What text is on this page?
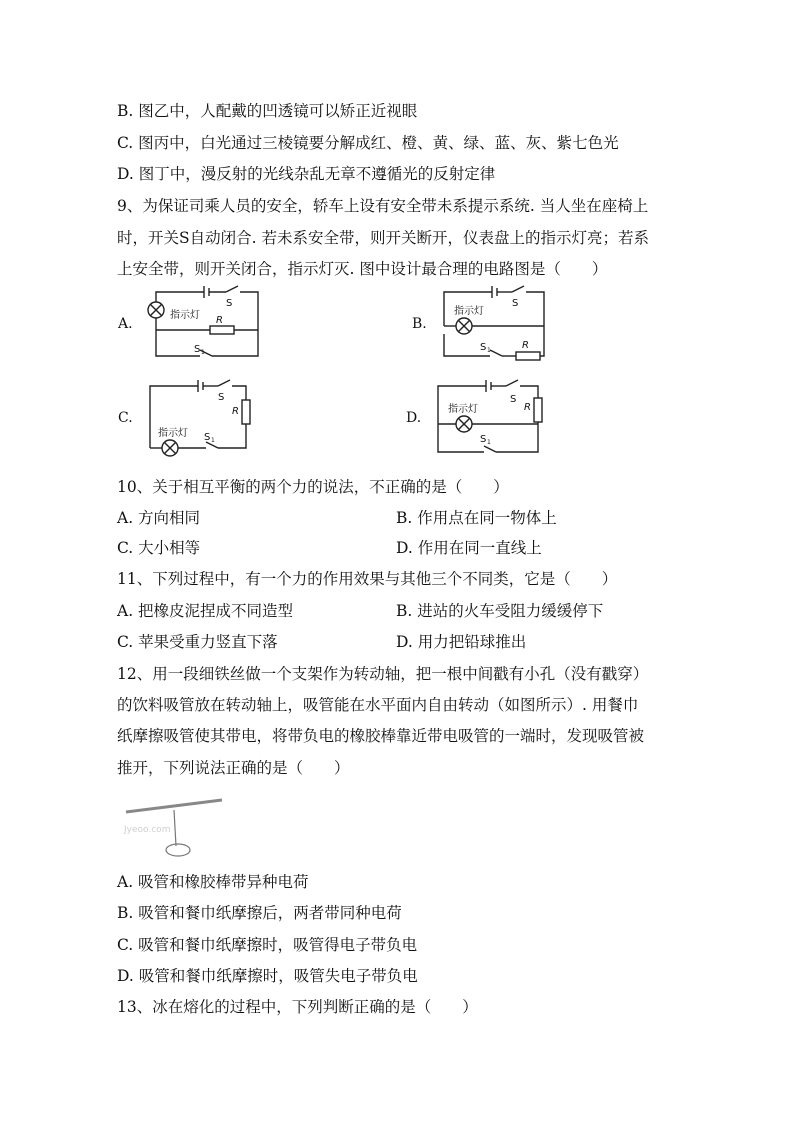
B. 图乙中，人配戴的凹透镜可以矫正近视眼
C. 图丙中，白光通过三棱镜要分解成红、橙、黄、绿、蓝、灰、紫七色光
D. 图丁中，漫反射的光线杂乱无章不遵循光的反射定律
9、为保证司乘人员的安全，轿车上设有安全带未系提示系统. 当人坐在座椅上
时，开关S自动闭合. 若未系安全带，则开关断开，仪表盘上的指示灯亮；若系
上安全带，则开关闭合，指示灯灭. 图中设计最合理的电路图是（　　）
A.
指示灯
S
R
S 1
B.
指示灯
S
S 1	R
C.
指示灯
S
R
S 1
D.
指示灯
S
R
S 1
10、关于相互平衡的两个力的说法，不正确的是（　　）
A. 方向相同	B. 作用点在同一物体上
C. 大小相等	D. 作用在同一直线上
11、下列过程中，有一个力的作用效果与其他三个不同类，它是（　　）
A. 把橡皮泥捏成不同造型	B. 进站的火车受阻力缓缓停下
C. 苹果受重力竖直下落	D. 用力把铅球推出
12、用一段细铁丝做一个支架作为转动轴，把一根中间戳有小孔（没有戳穿）
的饮料吸管放在转动轴上，吸管能在水平面内自由转动（如图所示）. 用餐巾
纸摩擦吸管使其带电，将带负电的橡胶棒靠近带电吸管的一端时，发现吸管被
推开，下列说法正确的是（　　）
Jyeoo.com
A. 吸管和橡胶棒带异种电荷
B. 吸管和餐巾纸摩擦后，两者带同种电荷
C. 吸管和餐巾纸摩擦时，吸管得电子带负电
D. 吸管和餐巾纸摩擦时，吸管失电子带负电
13、冰在熔化的过程中，下列判断正确的是（　　）
